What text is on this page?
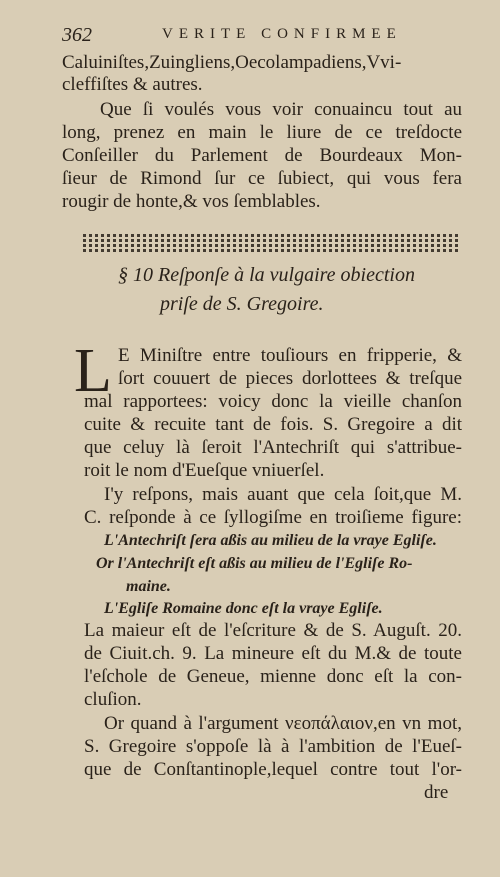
362	VERITE CONFIRMEE
Caluiniſtes,Zuingliens,Oecolampadiens,Vvi-
cleffiſtes & autres.
Que ſi voulés vous voir conuaincu tout au
long, prenez en main le liure de ce treſdocte
Conſeiller du Parlement de Bourdeaux Mon-
ſieur de Rimond ſur ce ſubiect, qui vous fera
rougir de honte,& vos ſemblables.
§ 10 Reſponſe à la vulgaire obiection
priſe de S. Gregoire.
L E Miniſtre entre touſiours en fripperie, &
ſort couuert de pieces dorlottees & treſque
mal rapportees: voicy donc la vieille chanſon
cuite & recuite tant de fois. S. Gregoire a dit
que celuy là ſeroit l'Antechriſt qui s'attribue-
roit le nom d'Eueſque vniuerſel.
I'y reſpons, mais auant que cela ſoit,que M.
C. reſponde à ce ſyllogiſme en troiſieme figure:
L'Antechriſt ſera aßis au milieu de la vraye Egliſe.
Or l'Antechriſt eſt aßis au milieu de l'Egliſe Ro-
maine.
L'Egliſe Romaine donc eſt la vraye Egliſe.
La maieur eſt de l'eſcriture & de S. Auguſt. 20.
de Ciuit.ch. 9. La mineure eſt du M.& de toute
l'eſchole de Geneue, mienne donc eſt la con-
cluſion.
Or quand à l'argument νεοπάλαιον,en vn mot,
S. Gregoire s'oppoſe là à l'ambition de l'Eueſ-
que de Conſtantinople,lequel contre tout l'or-
dre
